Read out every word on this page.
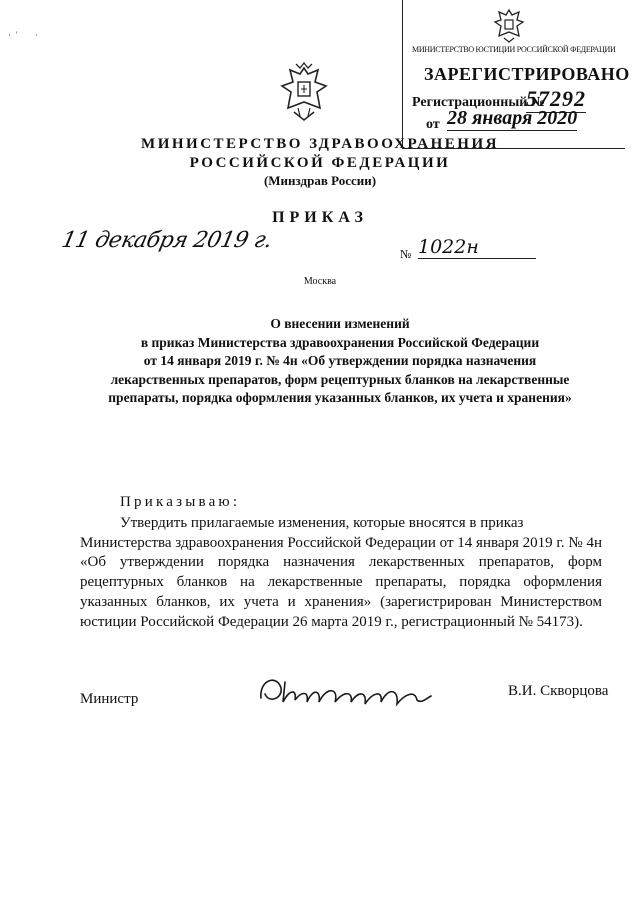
·  '        ·
МИНИСТЕРСТВО ЮСТИЦИИ РОССИЙСКОЙ ФЕДЕРАЦИИ
ЗАРЕГИСТРИРОВАНО
Регистрационный №
57292
от 28 января 2020
МИНИСТЕРСТВО ЗДРАВООХРАНЕНИЯ
РОССИЙСКОЙ ФЕДЕРАЦИИ
(Минздрав России)
ПРИКАЗ
11 декабря 2019 г.
№ 1022н
Москва
О внесении изменений
в приказ Министерства здравоохранения Российской Федерации
от 14 января 2019 г. № 4н «Об утверждении порядка назначения
лекарственных препаратов, форм рецептурных бланков на лекарственные
препараты, порядка оформления указанных бланков, их учета и хранения»
Приказываю:
Утвердить прилагаемые изменения, которые вносятся в приказ
Министерства здравоохранения Российской Федерации от 14 января 2019 г. № 4н «Об утверждении порядка назначения лекарственных препаратов, форм рецептурных бланков на лекарственные препараты, порядка оформления указанных бланков, их учета и хранения» (зарегистрирован Министерством юстиции Российской Федерации 26 марта 2019 г., регистрационный № 54173).
Министр	В.И. Скворцова
